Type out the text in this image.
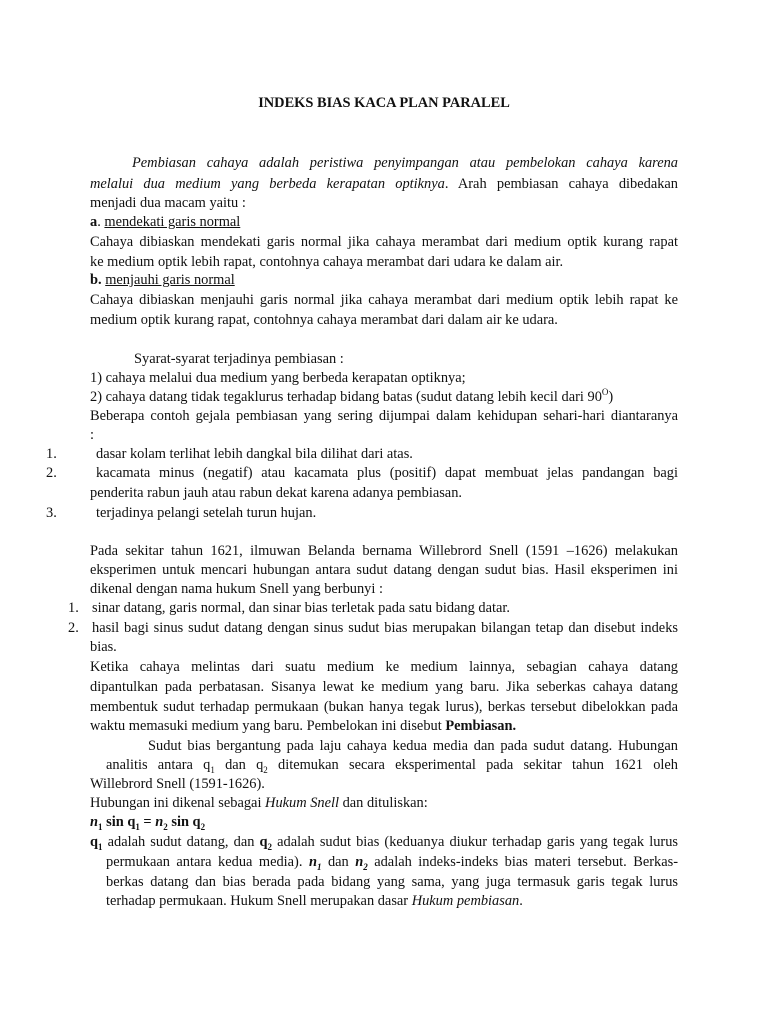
INDEKS BIAS KACA PLAN PARALEL
Pembiasan cahaya adalah peristiwa penyimpangan atau pembelokan cahaya karena
melalui dua medium yang berbeda kerapatan optiknya. Arah pembiasan cahaya dibedakan
menjadi dua macam yaitu :
a. mendekati garis normal
Cahaya dibiaskan mendekati garis normal jika cahaya merambat dari medium optik kurang rapat
ke medium optik lebih rapat, contohnya cahaya merambat dari udara ke dalam air.
b. menjauhi garis normal
Cahaya dibiaskan menjauhi garis normal jika cahaya merambat dari medium optik lebih rapat ke
medium optik kurang rapat, contohnya cahaya merambat dari dalam air ke udara.
Syarat-syarat terjadinya pembiasan :
1) cahaya melalui dua medium yang berbeda kerapatan optiknya;
2) cahaya datang tidak tegaklurus terhadap bidang batas (sudut datang lebih kecil dari $90^O$)
Beberapa contoh gejala pembiasan yang sering dijumpai dalam kehidupan sehari-hari diantaranya
:
1.	dasar kolam terlihat lebih dangkal bila dilihat dari atas.
2.	kacamata minus (negatif) atau kacamata plus (positif) dapat membuat jelas pandangan bagi
penderita rabun jauh atau rabun dekat karena adanya pembiasan.
3.	terjadinya pelangi setelah turun hujan.
Pada sekitar tahun 1621, ilmuwan Belanda bernama Willebrord Snell (1591 –1626) melakukan
eksperimen untuk mencari hubungan antara sudut datang dengan sudut bias. Hasil eksperimen ini
dikenal dengan nama hukum Snell yang berbunyi :
1. sinar datang, garis normal, dan sinar bias terletak pada satu bidang datar.
2. hasil bagi sinus sudut datang dengan sinus sudut bias merupakan bilangan tetap dan disebut indeks
bias.
Ketika cahaya melintas dari suatu medium ke medium lainnya, sebagian cahaya datang
dipantulkan pada perbatasan. Sisanya lewat ke medium yang baru. Jika seberkas cahaya datang
membentuk sudut terhadap permukaan (bukan hanya tegak lurus), berkas tersebut dibelokkan pada
waktu memasuki medium yang baru. Pembelokan ini disebut Pembiasan.
Sudut bias bergantung pada laju cahaya kedua media dan pada sudut datang. Hubungan
analitis antara $q_1$ dan $q_2$ ditemukan secara eksperimental pada sekitar tahun 1621 oleh
Willebrord Snell (1591-1626).
Hubungan ini dikenal sebagai Hukum Snell dan dituliskan:
$n_1$ $\sin q_1 = n_2$ $\sin q_2$
$q_1$ adalah sudut datang, dan $q_2$ adalah sudut bias (keduanya diukur terhadap garis yang tegak lurus
permukaan antara kedua media). $n_1$ dan $n_2$ adalah indeks-indeks bias materi tersebut. Berkas-
berkas datang dan bias berada pada bidang yang sama, yang juga termasuk garis tegak lurus
terhadap permukaan. Hukum Snell merupakan dasar Hukum pembiasan.
